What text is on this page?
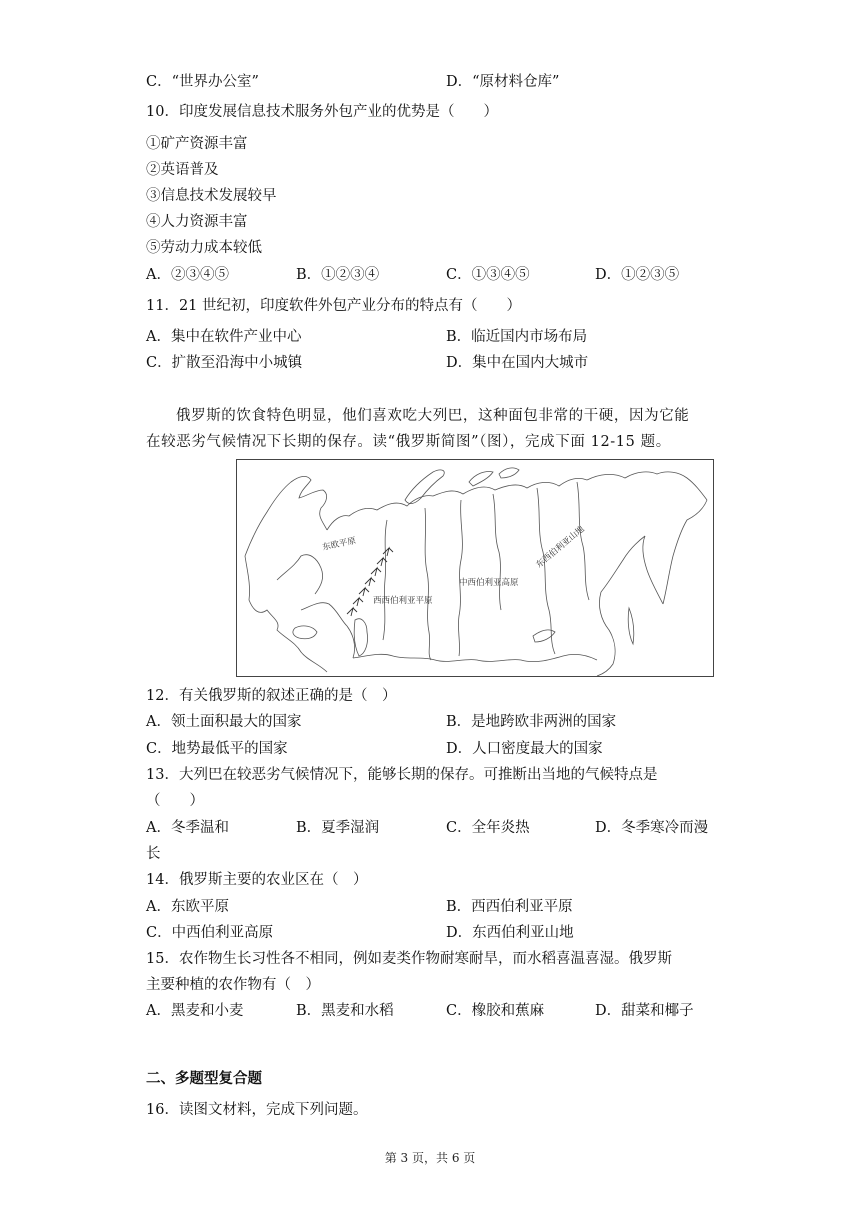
C．“世界办公室”	D．“原材料仓库”
10．印度发展信息技术服务外包产业的优势是（　　）
①矿产资源丰富
②英语普及
③信息技术发展较早
④人力资源丰富
⑤劳动力成本较低
A．②③④⑤	B．①②③④	C．①③④⑤	D．①②③⑤
11．21 世纪初，印度软件外包产业分布的特点有（　　）
A．集中在软件产业中心	B．临近国内市场布局
C．扩散至沿海中小城镇	D．集中在国内大城市
俄罗斯的饮食特色明显，他们喜欢吃大列巴，这种面包非常的干硬，因为它能
在较恶劣气候情况下长期的保存。读“俄罗斯简图”（图），完成下面 12-15 题。
东欧平原
西西伯利亚平原
中西伯利亚高原
东西伯利亚山地
12．有关俄罗斯的叙述正确的是（　）
A．领土面积最大的国家	B．是地跨欧非两洲的国家
C．地势最低平的国家	D．人口密度最大的国家
13．大列巴在较恶劣气候情况下，能够长期的保存。可推断出当地的气候特点是
（　　）
A．冬季温和	B．夏季湿润	C．全年炎热	D．冬季寒冷而漫
长
14．俄罗斯主要的农业区在（　）
A．东欧平原	B．西西伯利亚平原
C．中西伯利亚高原	D．东西伯利亚山地
15．农作物生长习性各不相同，例如麦类作物耐寒耐旱，而水稻喜温喜湿。俄罗斯
主要种植的农作物有（　）
A．黑麦和小麦	B．黑麦和水稻	C．橡胶和蕉麻	D．甜菜和椰子
二、多题型复合题
16．读图文材料，完成下列问题。
第 3 页，共 6 页
